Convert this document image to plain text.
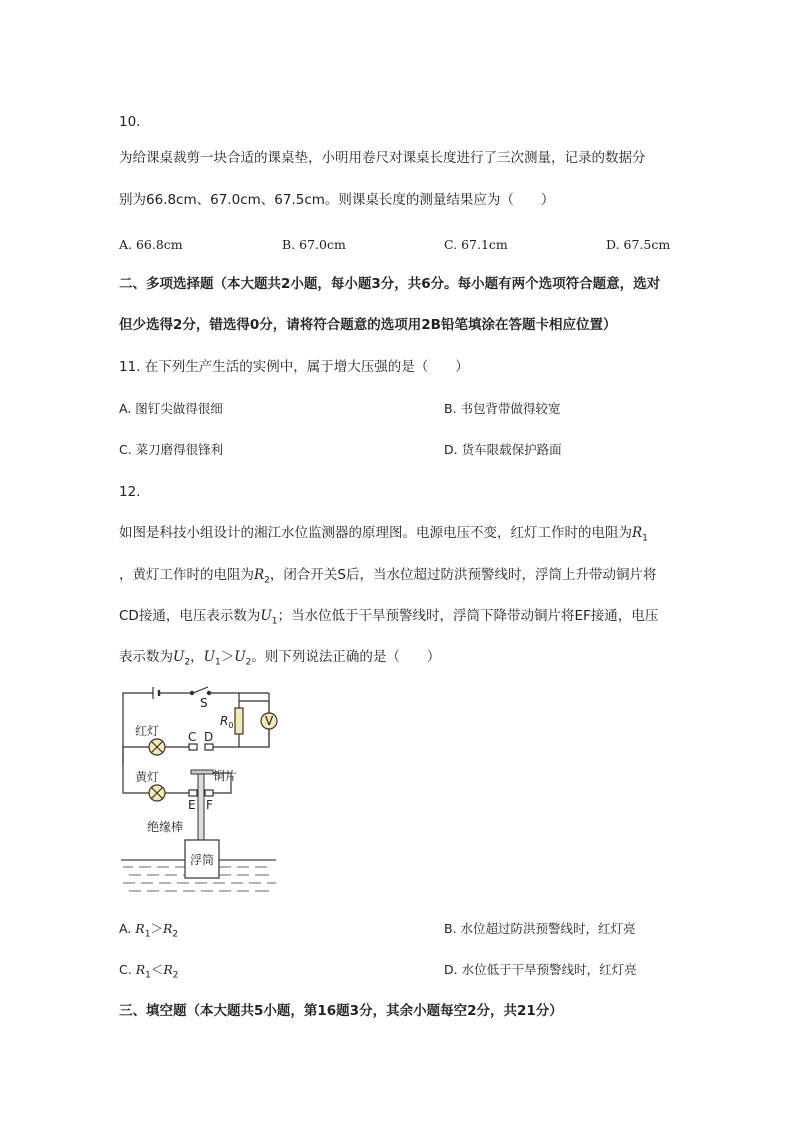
10.
为给课桌裁剪一块合适的课桌垫，小明用卷尺对课桌长度进行了三次测量，记录的数据分
别为66.8cm、67.0cm、67.5cm。则课桌长度的测量结果应为（　　）
A. 66.8cm	B. 67.0cm	C. 67.1cm	D. 67.5cm
二、多项选择题（本大题共2小题，每小题3分，共6分。每小题有两个选项符合题意，选对
但少选得2分，错选得0分，请将符合题意的选项用2B铅笔填涂在答题卡相应位置）
11. 在下列生产生活的实例中，属于增大压强的是（　　）
A. 图钉尖做得很细	B. 书包背带做得较宽
C. 菜刀磨得很锋利	D. 货车限载保护路面
12.
如图是科技小组设计的湘江水位监测器的原理图。电源电压不变，红灯工作时的电阻为$R_1$
，黄灯工作时的电阻为$R_2$，闭合开关S后，当水位超过防洪预警线时，浮筒上升带动铜片将
CD接通，电压表示数为$U_1$；当水位低于干旱预警线时，浮筒下降带动铜片将EF接通，电压
表示数为$U_2$，$U_1>U_2$。则下列说法正确的是（　　）
S
$R_0$	V
红灯 C D
黄灯	铜片
E F
绝缘棒
浮筒
A. $R_1>R_2$	B. 水位超过防洪预警线时，红灯亮
C. $R_1<R_2$	D. 水位低于干旱预警线时，红灯亮
三、填空题（本大题共5小题，第16题3分，其余小题每空2分，共21分）
